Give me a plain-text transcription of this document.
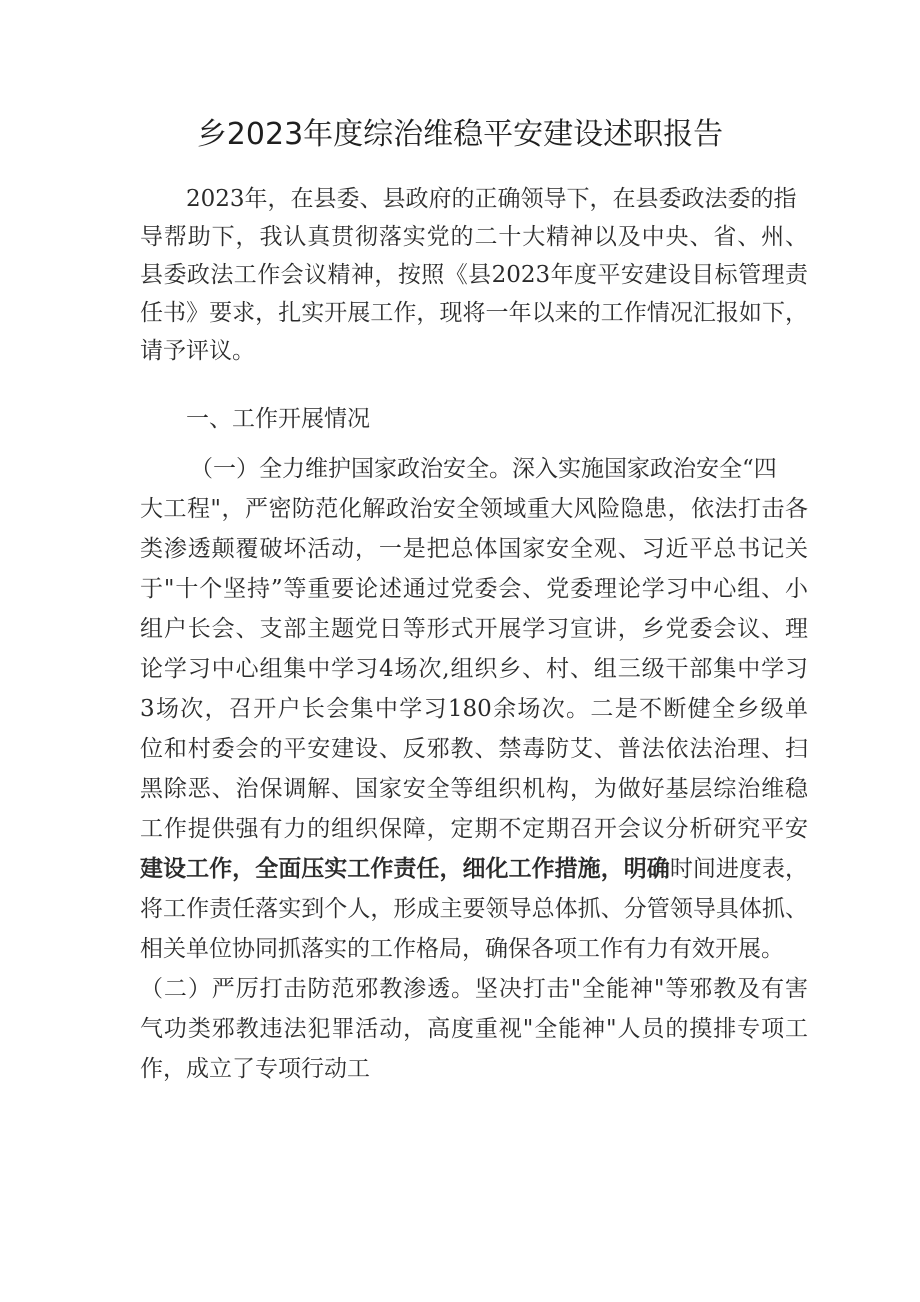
乡2023年度综治维稳平安建设述职报告
2023年，在县委、县政府的正确领导下，在县委政法委的指
导帮助下，我认真贯彻落实党的二十大精神以及中央、省、州、
县委政法工作会议精神，按照《县2023年度平安建设目标管理责
任书》要求，扎实开展工作，现将一年以来的工作情况汇报如下，
请予评议。
一、工作开展情况
（一）全力维护国家政治安全。深入实施国家政治安全“四
大工程"，严密防范化解政治安全领域重大风险隐患，依法打击各
类渗透颠覆破坏活动，一是把总体国家安全观、习近平总书记关
于"十个坚持”等重要论述通过党委会、党委理论学习中心组、小
组户长会、支部主题党日等形式开展学习宣讲，乡党委会议、理
论学习中心组集中学习4场次,组织乡、村、组三级干部集中学习
3场次，召开户长会集中学习180余场次。二是不断健全乡级单
位和村委会的平安建设、反邪教、禁毒防艾、普法依法治理、扫
黑除恶、治保调解、国家安全等组织机构，为做好基层综治维稳
工作提供强有力的组织保障，定期不定期召开会议分析研究平安
建设工作，全面压实工作责任，细化工作措施，明确时间进度表，
将工作责任落实到个人，形成主要领导总体抓、分管领导具体抓、
相关单位协同抓落实的工作格局，确保各项工作有力有效开展。
（二）严厉打击防范邪教渗透。坚决打击"全能神"等邪教及有害
气功类邪教违法犯罪活动，高度重视"全能神"人员的摸排专项工
作，成立了专项行动工
